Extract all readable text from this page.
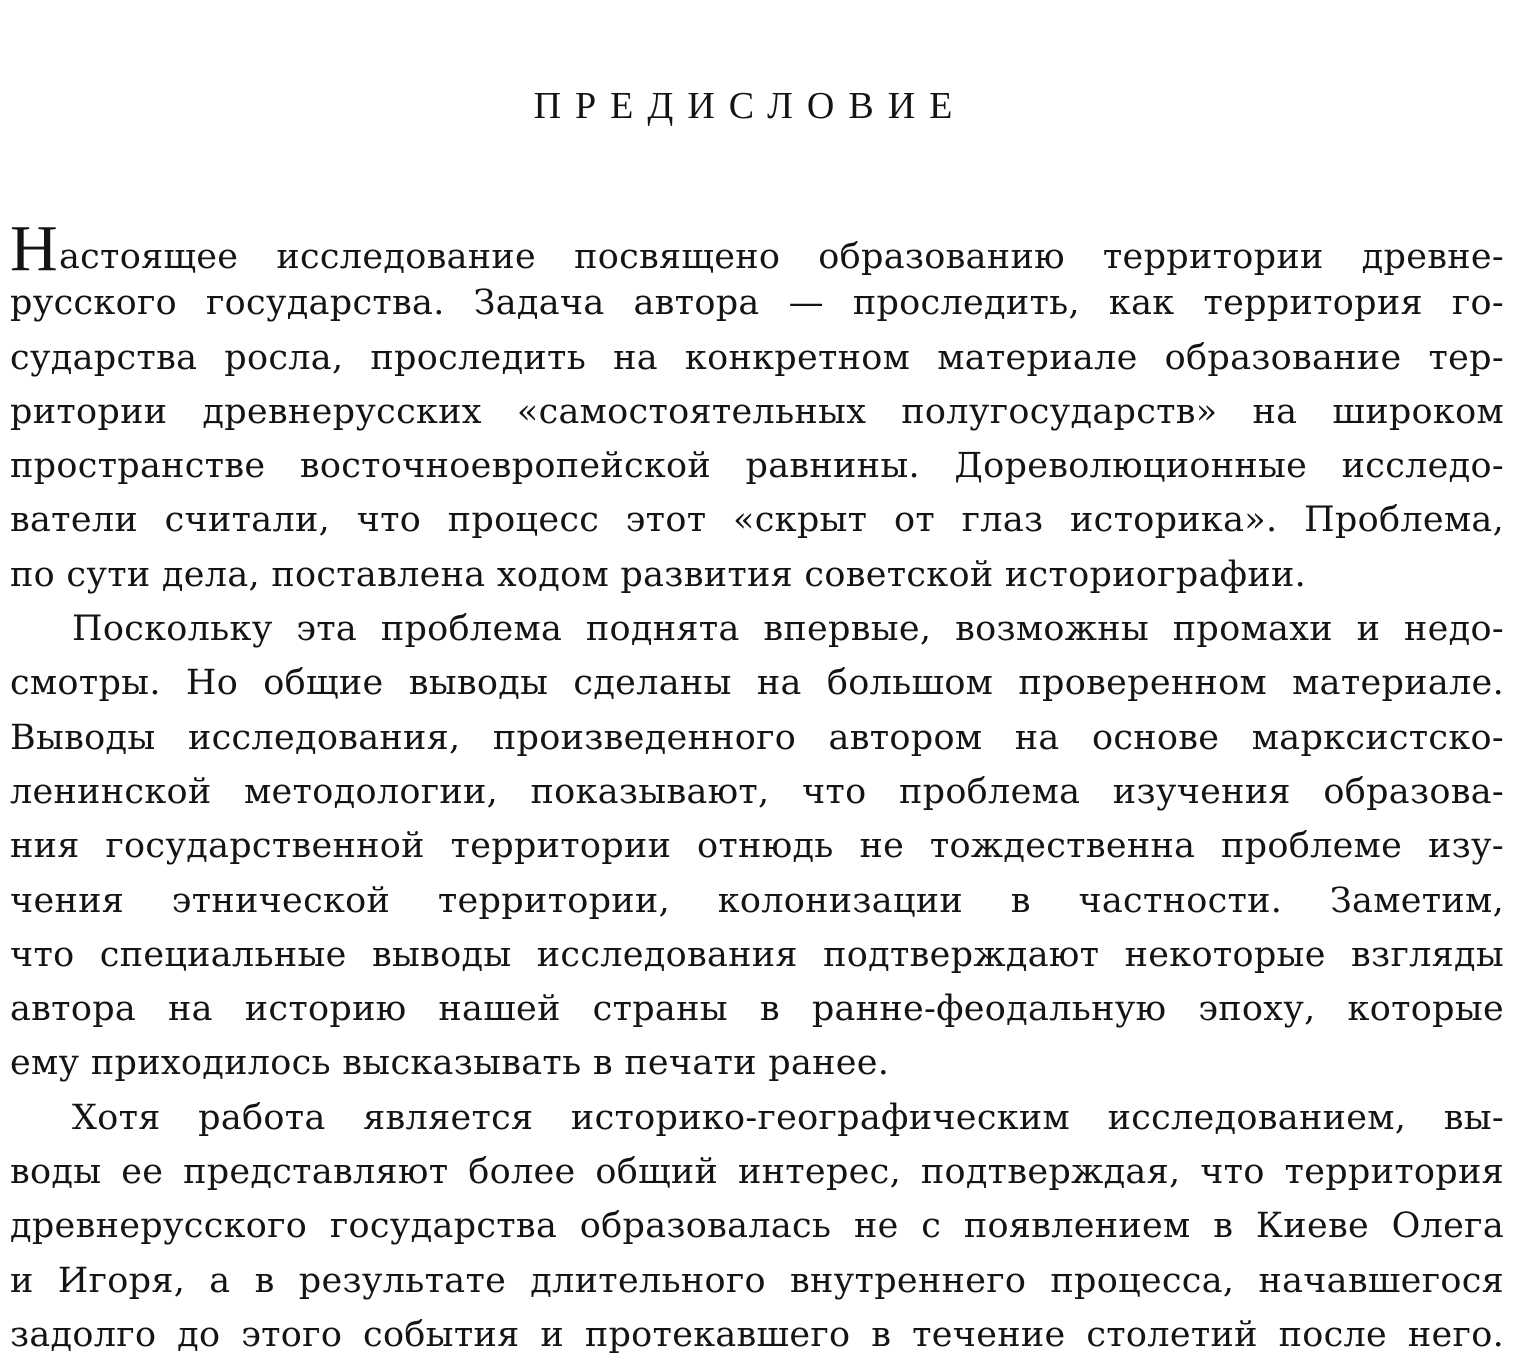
ПРЕДИСЛОВИЕ
Настоящее исследование посвящено образованию территории древне-
русского государства. Задача автора — проследить, как территория го-
сударства росла, проследить на конкретном материале образование тер-
ритории древнерусских «самостоятельных полугосударств» на широком
пространстве восточноевропейской равнины. Дореволюционные исследо-
ватели считали, что процесс этот «скрыт от глаз историка». Проблема,
по сути дела, поставлена ходом развития советской историографии.
Поскольку эта проблема поднята впервые, возможны промахи и недо-
смотры. Но общие выводы сделаны на большом проверенном материале.
Выводы исследования, произведенного автором на основе марксистско-
ленинской методологии, показывают, что проблема изучения образова-
ния государственной территории отнюдь не тождественна проблеме изу-
чения этнической территории, колонизации в частности. Заметим,
что специальные выводы исследования подтверждают некоторые взгляды
автора на историю нашей страны в ранне-феодальную эпоху, которые
ему приходилось высказывать в печати ранее.
Хотя работа является историко-географическим исследованием, вы-
воды ее представляют более общий интерес, подтверждая, что территория
древнерусского государства образовалась не с появлением в Киеве Олега
и Игоря, а в результате длительного внутреннего процесса, начавшегося
задолго до этого события и протекавшего в течение столетий после него.
